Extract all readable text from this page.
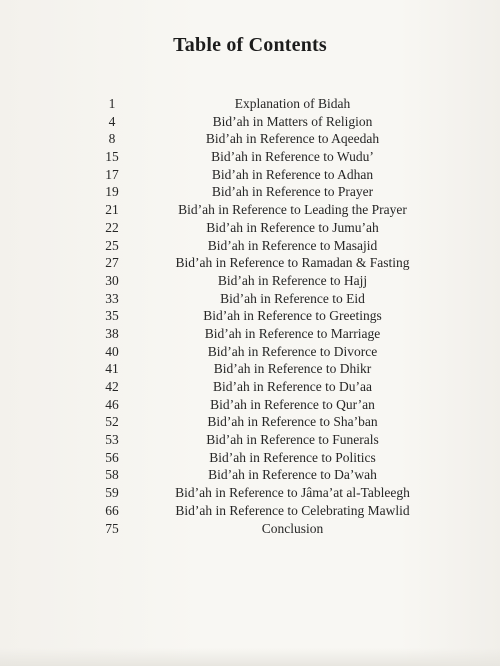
Table of Contents
1	Explanation of Bidah
4	Bid’ah in Matters of Religion
8	Bid’ah in Reference to Aqeedah
15	Bid’ah in Reference to Wudu’
17	Bid’ah in Reference to Adhan
19	Bid’ah in Reference to Prayer
21	Bid’ah in Reference to Leading the Prayer
22	Bid’ah in Reference to Jumu’ah
25	Bid’ah in Reference to Masajid
27	Bid’ah in Reference to Ramadan & Fasting
30	Bid’ah in Reference to Hajj
33	Bid’ah in Reference to Eid
35	Bid’ah in Reference to Greetings
38	Bid’ah in Reference to Marriage
40	Bid’ah in Reference to Divorce
41	Bid’ah in Reference to Dhikr
42	Bid’ah in Reference to Du’aa
46	Bid’ah in Reference to Qur’an
52	Bid’ah in Reference to Sha’ban
53	Bid’ah in Reference to Funerals
56	Bid’ah in Reference to Politics
58	Bid’ah in Reference to Da’wah
59	Bid’ah in Reference to Jâma’at al-Tableegh
66	Bid’ah in Reference to Celebrating Mawlid
75	Conclusion
